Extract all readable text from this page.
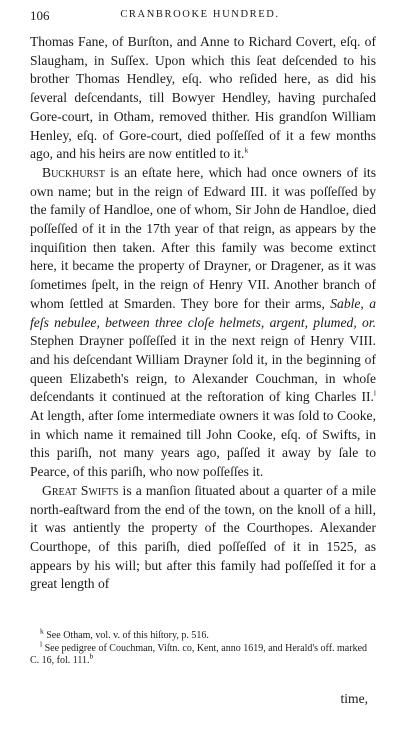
106	CRANBROOKE HUNDRED.

Thomas Fane, of Burſton, and Anne to Richard Covert, eſq. of Slaugham, in Suſſex. Upon which this ſeat deſcended to his brother Thomas Hendley, eſq. who reſided here, as did his ſeveral deſcendants, till Bowyer Hendley, having purchaſed Gore-court, in Otham, removed thither. His grandſon William Henley, eſq. of Gore-court, died poſſeſſed of it a few months ago, and his heirs are now entitled to it.$^k$

Buckhurst is an eſtate here, which had once owners of its own name; but in the reign of Edward III. it was poſſeſſed by the family of Handloe, one of whom, Sir John de Handloe, died poſſeſſed of it in the 17th year of that reign, as appears by the inquiſition then taken. After this family was become extinct here, it became the property of Drayner, or Dragener, as it was ſometimes ſpelt, in the reign of Henry VII. Another branch of whom ſettled at Smarden. They bore for their arms, Sable, a feſs nebulee, between three cloſe helmets, argent, plumed, or. Stephen Drayner poſſeſſed it in the next reign of Henry VIII. and his deſcendant William Drayner ſold it, in the beginning of queen Elizabeth's reign, to Alexander Couchman, in whoſe deſcendants it continued at the reſtoration of king Charles II.$^l$ At length, after ſome intermediate owners it was ſold to Cooke, in which name it remained till John Cooke, eſq. of Swifts, in this pariſh, not many years ago, paſſed it away by ſale to Pearce, of this pariſh, who now poſſeſſes it.

Great Swifts is a manſion ſituated about a quarter of a mile north-eaſtward from the end of the town, on the knoll of a hill, it was antiently the property of the Courthopes. Alexander Courthope, of this pariſh, died poſſeſſed of it in 1525, as appears by his will; but after this family had poſſeſſed it for a great length of

$^k$ See Otham, vol. v. of this hiſtory, p. 516.

$^l$ See pedigree of Couchman, Viſtn. co, Kent, anno 1619, and Herald's off. marked C. 16, fol. 111.$^b$

time,
